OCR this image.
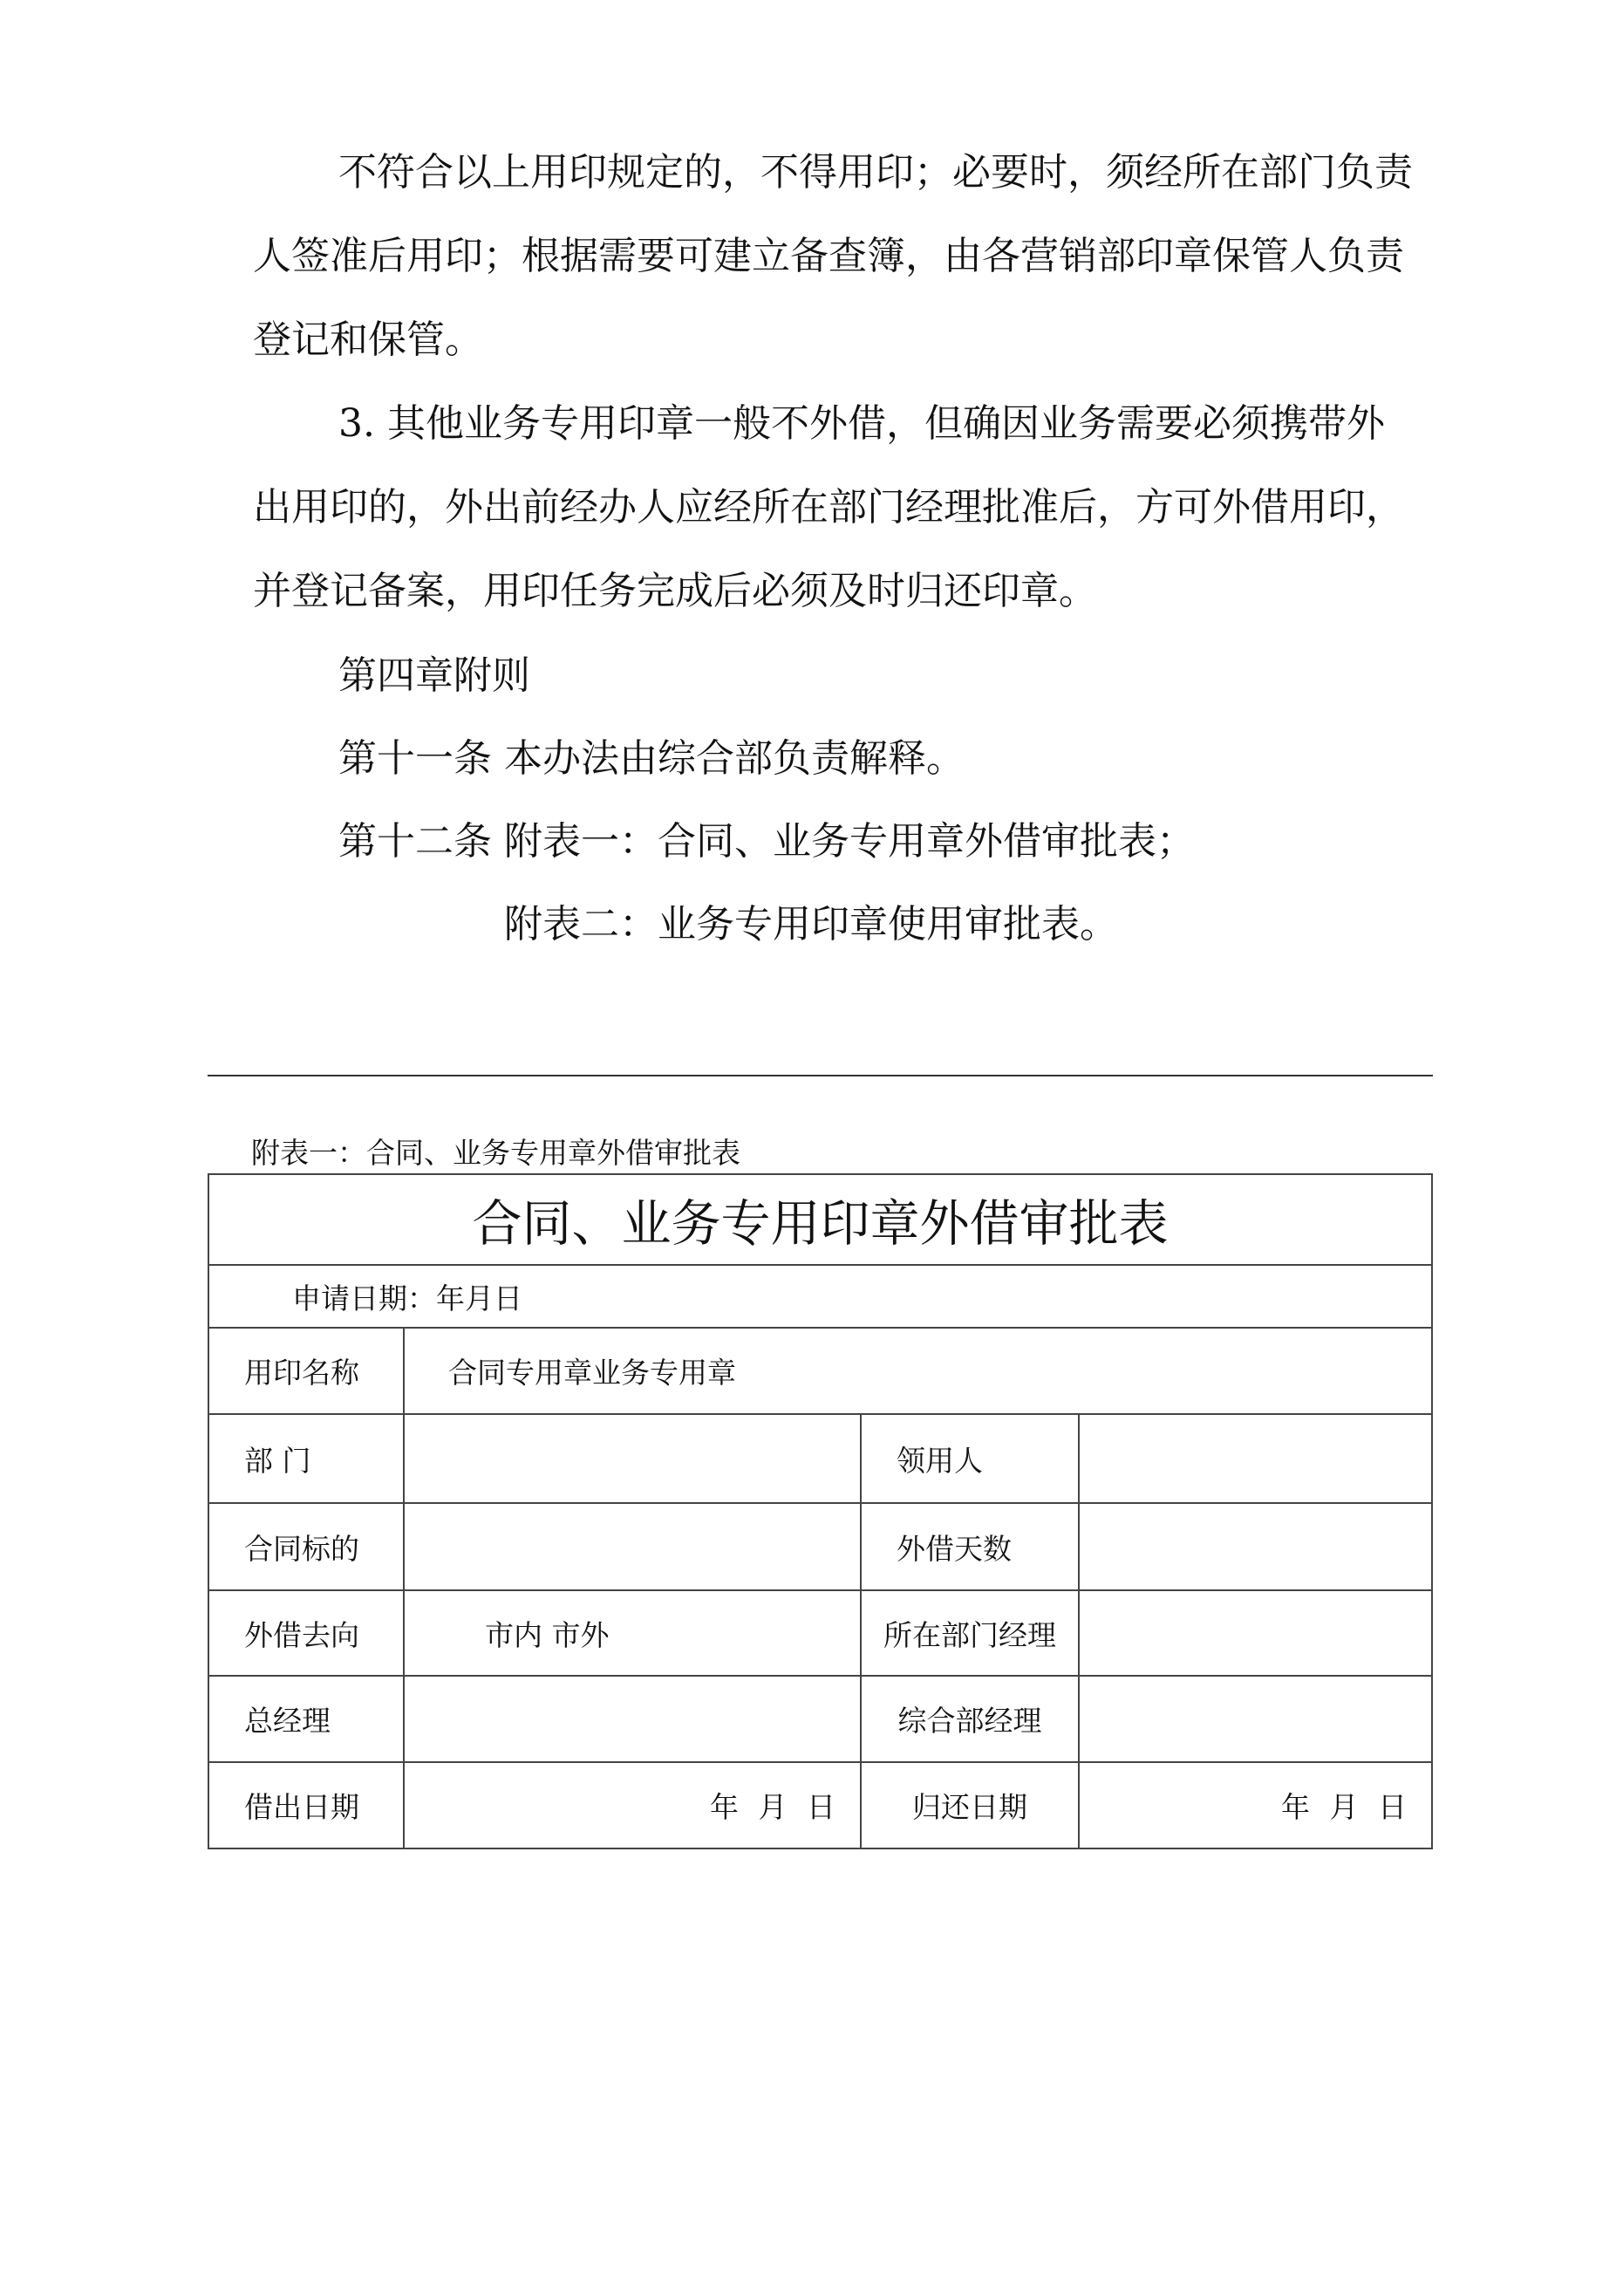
不符合以上用印规定的，不得用印；必要时，须经所在部门负责

人签准后用印；根据需要可建立备查簿，由各营销部印章保管人负责

登记和保管。

3. 其他业务专用印章一般不外借，但确因业务需要必须携带外

出用印的，外出前经办人应经所在部门经理批准后，方可外借用印，

并登记备案，用印任务完成后必须及时归还印章。

第四章附则

第十一条 本办法由综合部负责解释。

第十二条 附表一：合同、业务专用章外借审批表；

附表二：业务专用印章使用审批表。

附表一：合同、业务专用章外借审批表
合同、业务专用印章外借审批表			
申请日期：年月日			
用印名称	合同专用章业务专用章		
部 门		领用人	
合同标的		外借天数	
外借去向	市内 市外	所在部门经理	
总经理		综合部经理	
借出日期	年 月 日	归还日期	年 月 日
